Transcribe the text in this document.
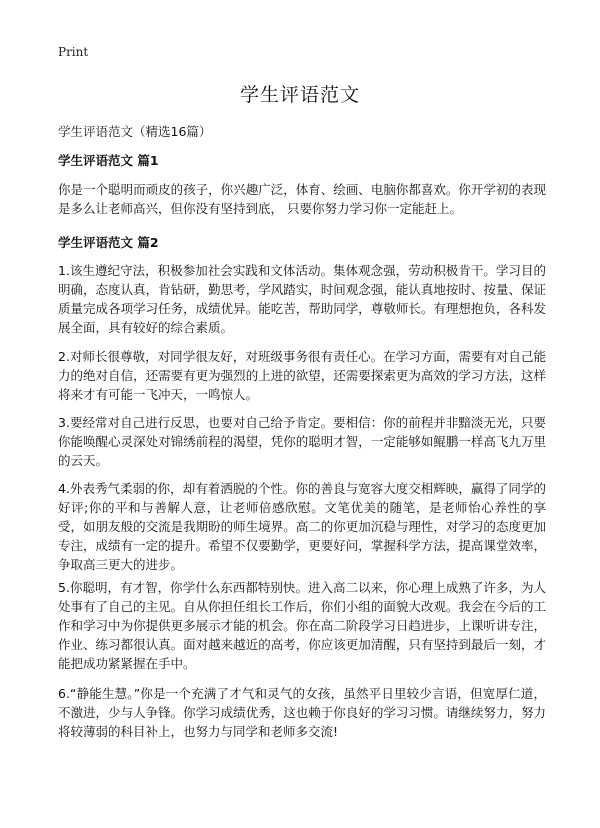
Print
学生评语范文

学生评语范文（精选16篇）

学生评语范文 篇1

你是一个聪明而顽皮的孩子，你兴趣广泛，体育、绘画、电脑你都喜欢。你开学初的表现是多么让老师高兴，但你没有坚持到底， 只要你努力学习你一定能赶上。

学生评语范文 篇2

1.该生遵纪守法，积极参加社会实践和文体活动。集体观念强，劳动积极肯干。学习目的明确，态度认真，肯钻研，勤思考，学风踏实，时间观念强，能认真地按时、按量、保证质量完成各项学习任务，成绩优异。能吃苦，帮助同学，尊敬师长。有理想抱负，各科发展全面，具有较好的综合素质。

2.对师长很尊敬，对同学很友好，对班级事务很有责任心。在学习方面，需要有对自己能力的绝对自信，还需要有更为强烈的上进的欲望，还需要探索更为高效的学习方法，这样将来才有可能一飞冲天，一鸣惊人。

3.要经常对自己进行反思，也要对自己给予肯定。要相信：你的前程并非黯淡无光，只要你能唤醒心灵深处对锦绣前程的渴望，凭你的聪明才智，一定能够如鲲鹏一样高飞九万里的云天。

4.外表秀气柔弱的你，却有着洒脱的个性。你的善良与宽容大度交相辉映，赢得了同学的好评;你的平和与善解人意，让老师倍感欣慰。文笔优美的随笔，是老师怡心养性的享受，如朋友般的交流是我期盼的师生境界。高二的你更加沉稳与理性，对学习的态度更加专注，成绩有一定的提升。希望不仅要勤学，更要好问，掌握科学方法，提高课堂效率，争取高三更大的进步。

5.你聪明，有才智，你学什么东西都特别快。进入高二以来，你心理上成熟了许多，为人处事有了自己的主见。自从你担任组长工作后，你们小组的面貌大改观。我会在今后的工作和学习中为你提供更多展示才能的机会。你在高二阶段学习日趋进步，上课听讲专注，作业、练习都很认真。面对越来越近的高考，你应该更加清醒，只有坚持到最后一刻，才能把成功紧紧握在手中。

6.“静能生慧。”你是一个充满了才气和灵气的女孩，虽然平日里较少言语，但宽厚仁道，不激进，少与人争锋。你学习成绩优秀，这也赖于你良好的学习习惯。请继续努力，努力将较薄弱的科目补上，也努力与同学和老师多交流!
